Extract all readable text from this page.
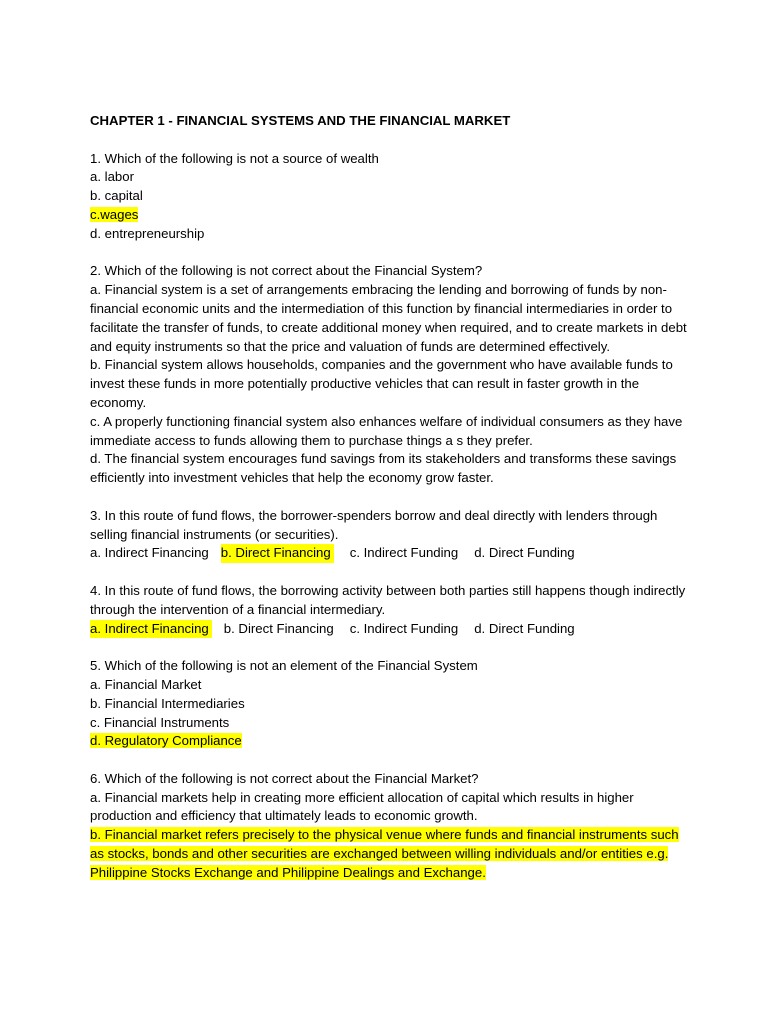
CHAPTER 1 - FINANCIAL SYSTEMS AND THE FINANCIAL MARKET
1. Which of the following is not a source of wealth
a. labor
b. capital
c.wages
d. entrepreneurship
2. Which of the following is not correct about the Financial System?
a. Financial system is a set of arrangements embracing the lending and borrowing of funds by non-financial economic units and the intermediation of this function by financial intermediaries in order to facilitate the transfer of funds, to create additional money when required, and to create markets in debt and equity instruments so that the price and valuation of funds are determined effectively.
b. Financial system allows households, companies and the government who have available funds to invest these funds in more potentially productive vehicles that can result in faster growth in the economy.
c. A properly functioning financial system also enhances welfare of individual consumers as they have immediate access to funds allowing them to purchase things a s they prefer.
d. The financial system encourages fund savings from its stakeholders and transforms these savings efficiently into investment vehicles that help the economy grow faster.
3. In this route of fund flows, the borrower-spenders borrow and deal directly with lenders through selling financial instruments (or securities).
a. Indirect Financing b. Direct Financing c. Indirect Funding d. Direct Funding
4. In this route of fund flows, the borrowing activity between both parties still happens though indirectly through the intervention of a financial intermediary.
a. Indirect Financing b. Direct Financing c. Indirect Funding d. Direct Funding
5. Which of the following is not an element of the Financial System
a. Financial Market
b. Financial Intermediaries
c. Financial Instruments
d. Regulatory Compliance
6. Which of the following is not correct about the Financial Market?
a. Financial markets help in creating more efficient allocation of capital which results in higher production and efficiency that ultimately leads to economic growth.
b. Financial market refers precisely to the physical venue where funds and financial instruments such as stocks, bonds and other securities are exchanged between willing individuals and/or entities e.g. Philippine Stocks Exchange and Philippine Dealings and Exchange.
